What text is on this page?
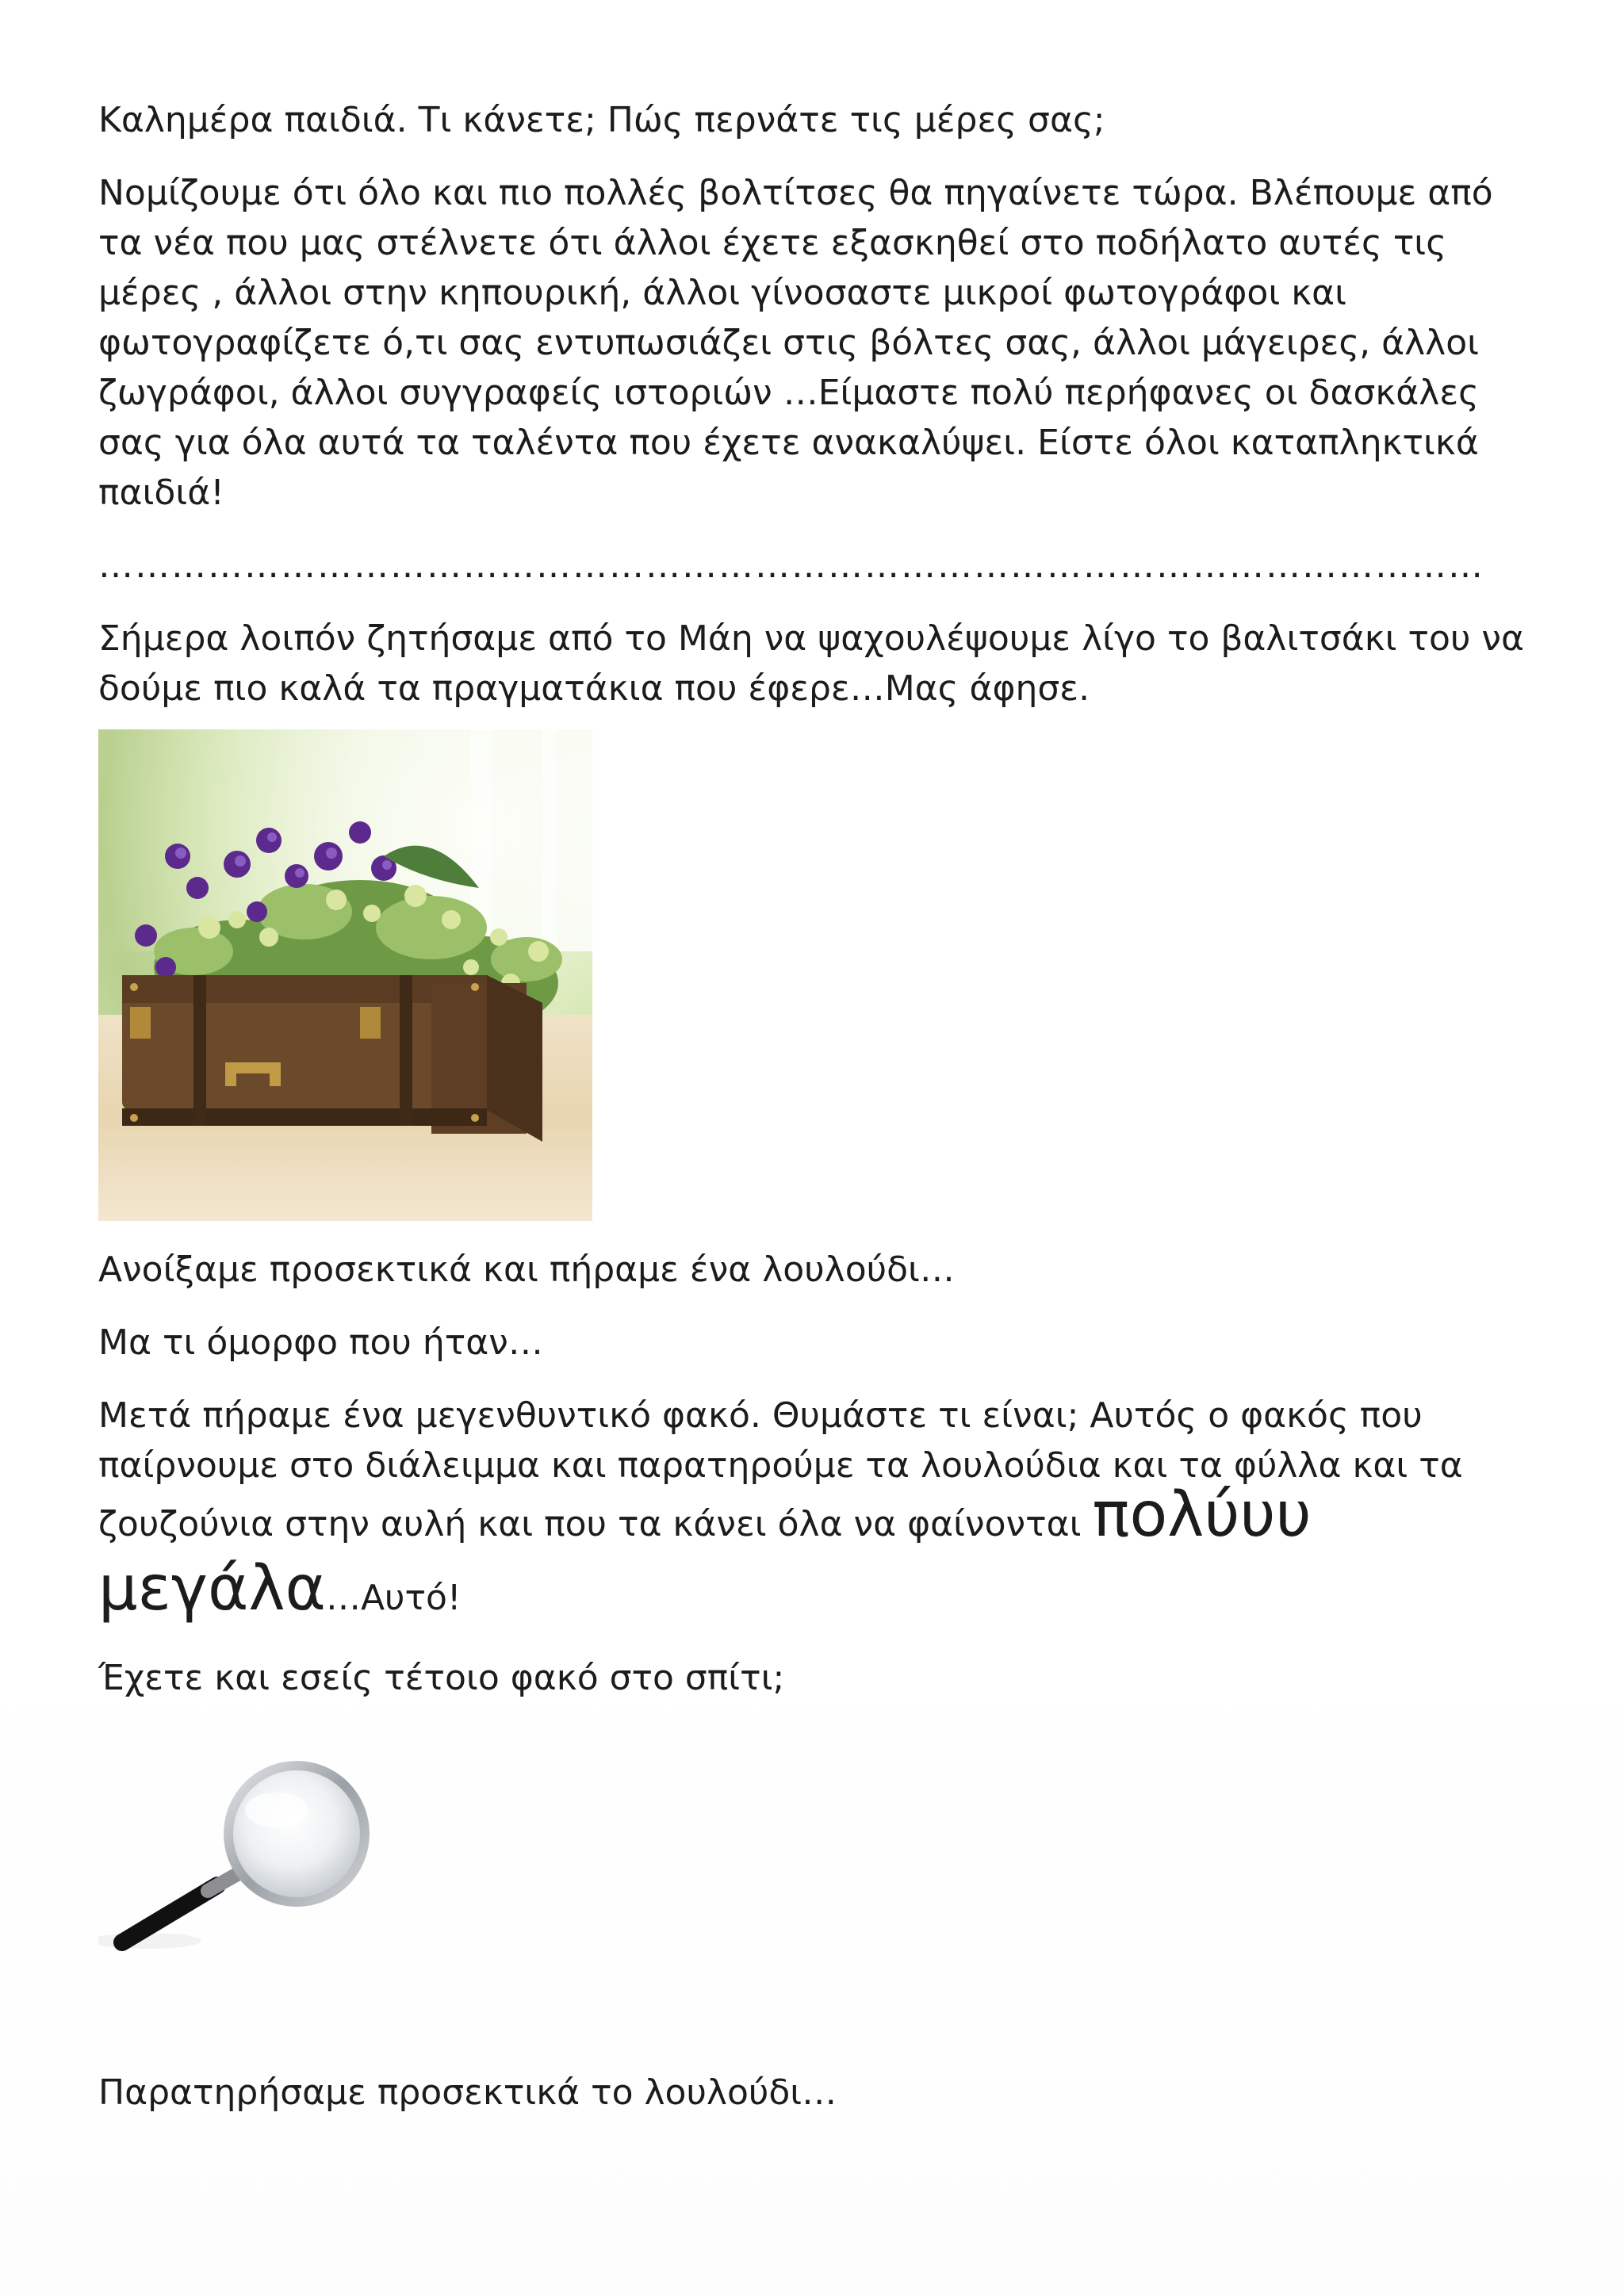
Καλημέρα παιδιά. Τι κάνετε; Πώς περνάτε τις μέρες σας;

Νομίζουμε ότι όλο και πιο πολλές βολτίτσες θα πηγαίνετε τώρα. Βλέπουμε από τα νέα που μας στέλνετε ότι άλλοι έχετε εξασκηθεί στο ποδήλατο αυτές τις μέρες , άλλοι στην κηπουρική, άλλοι γίνοσαστε μικροί φωτογράφοι και φωτογραφίζετε ό,τι σας εντυπωσιάζει στις βόλτες σας, άλλοι μάγειρες, άλλοι ζωγράφοι, άλλοι συγγραφείς ιστοριών …Είμαστε πολύ περήφανες οι δασκάλες σας για όλα αυτά τα ταλέντα που έχετε ανακαλύψει. Είστε όλοι καταπληκτικά παιδιά!

……………………………………………………………………………………………………

Σήμερα λοιπόν ζητήσαμε από το Μάη να ψαχουλέψουμε λίγο το βαλιτσάκι του να δούμε πιο καλά τα πραγματάκια που έφερε…Μας άφησε.

Ανοίξαμε προσεκτικά και πήραμε ένα λουλούδι…

Μα τι όμορφο που ήταν…

Μετά πήραμε ένα μεγενθυντικό φακό. Θυμάστε τι είναι; Αυτός ο φακός που παίρνουμε στο διάλειμμα και παρατηρούμε τα λουλούδια και τα φύλλα και τα ζουζούνια στην αυλή και που τα κάνει όλα να φαίνονται πολύυυ

μεγάλα…Αυτό!

Έχετε και εσείς τέτοιο φακό στο σπίτι;

Παρατηρήσαμε προσεκτικά το λουλούδι…
